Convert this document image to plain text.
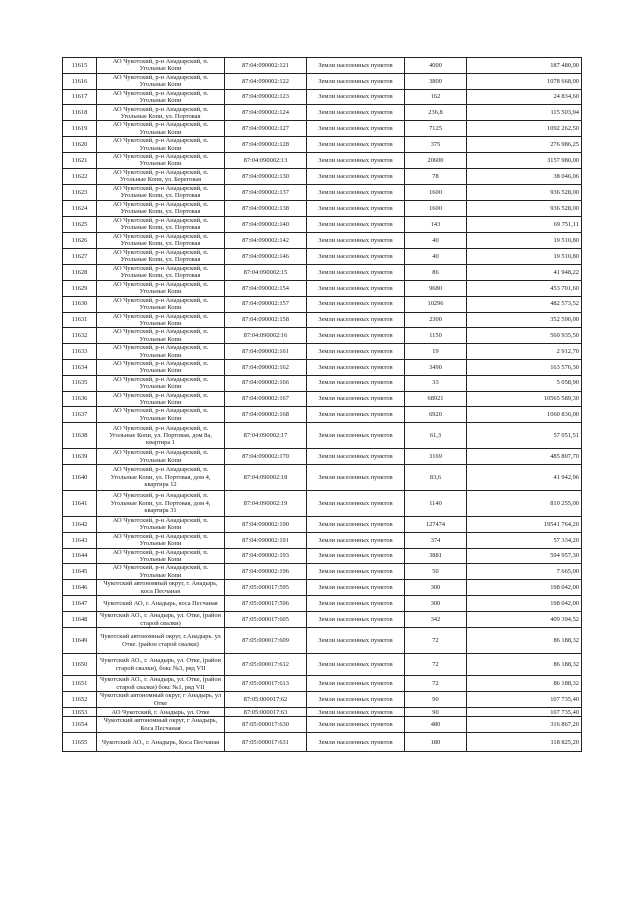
11615	АО Чукотский, р-н Анадырский, п. Угольные Копи	87:04:090002:121	Земли населенных пунктов	4000	187 480,00
11616	АО Чукотский, р-н Анадырский, п. Угольные Копи	87:04:090002:122	Земли населенных пунктов	3800	1078 668,00
11617	АО Чукотский, р-н Анадырский, п. Угольные Копи	87:04:090002:123	Земли населенных пунктов	162	24 834,60
11618	АО Чукотский, р-н Анадырский, п. Угольные Копи, ул. Портовая	87:04:090002:124	Земли населенных пунктов	236,8	115 503,94
11619	АО Чукотский, р-н Анадырский, п. Угольные Копи	87:04:090002:127	Земли населенных пунктов	7125	1092 262,50
11620	АО Чукотский, р-н Анадырский, п. Угольные Копи	87:04:090002:128	Земли населенных пунктов	375	276 986,25
11621	АО Чукотский, р-н Анадырский, п. Угольные Копи	87:04:090002:13	Земли населенных пунктов	20600	3157 980,00
11622	АО Чукотский, р-н Анадырский, п. Угольные Копи, ул. Береговая	87:04:090002:130	Земли населенных пунктов	78	38 046,06
11623	АО Чукотский, р-н Анадырский, п. Угольные Копи, ул. Портовая	87:04:090002:137	Земли населенных пунктов	1600	936 528,00
11624	АО Чукотский, р-н Анадырский, п. Угольные Копи, ул. Портовая	87:04:090002:138	Земли населенных пунктов	1600	936 528,00
11625	АО Чукотский, р-н Анадырский, п. Угольные Копи, ул. Портовая	87:04:090002:140	Земли населенных пунктов	143	69 751,11
11626	АО Чукотский, р-н Анадырский, п. Угольные Копи, ул. Портовая	87:04:090002:142	Земли населенных пунктов	40	19 510,80
11627	АО Чукотский, р-н Анадырский, п. Угольные Копи, ул. Портовая	87:04:090002:146	Земли населенных пунктов	40	19 510,80
11628	АО Чукотский, р-н Анадырский, п. Угольные Копи, ул. Портовая	87:04:090002:15	Земли населенных пунктов	86	41 948,22
11629	АО Чукотский, р-н Анадырский, п. Угольные Копи	87:04:090002:154	Земли населенных пунктов	9680	453 701,60
11630	АО Чукотский, р-н Анадырский, п. Угольные Копи	87:04:090002:157	Земли населенных пунктов	10296	482 573,52
11631	АО Чукотский, р-н Анадырский, п. Угольные Копи	87:04:090002:158	Земли населенных пунктов	2300	352 590,00
11632	АО Чукотский, р-н Анадырский, п. Угольные Копи	87:04:090002:16	Земли населенных пунктов	1150	560 935,50
11633	АО Чукотский, р-н Анадырский, п. Угольные Копи	87:04:090002:161	Земли населенных пунктов	19	2 912,70
11634	АО Чукотский, р-н Анадырский, п. Угольные Копи	87:04:090002:162	Земли населенных пунктов	3490	163 576,30
11635	АО Чукотский, р-н Анадырский, п. Угольные Копи	87:04:090002:166	Земли населенных пунктов	33	5 058,90
11636	АО Чукотский, р-н Анадырский, п. Угольные Копи	87:04:090002:167	Земли населенных пунктов	68921	10565 589,30
11637	АО Чукотский, р-н Анадырский, п. Угольные Копи	87:04:090002:168	Земли населенных пунктов	6920	1060 836,00
11638	АО Чукотский, р-н Анадырский, п. Угольные Копи, ул. Портовая, дом 8а, квартира 1	87:04:090002:17	Земли населенных пунктов	61,3	57 051,51
11639	АО Чукотский, р-н Анадырский, п. Угольные Копи	87:04:090002:170	Земли населенных пунктов	3169	485 807,70
11640	АО Чукотский, р-н Анадырский, п. Угольные Копи, ул. Портовая, дом 4, квартира 12	87:04:090002:18	Земли населенных пунктов	83,6	41 942,96
11641	АО Чукотский, р-н Анадырский, п. Угольные Копи, ул. Портовая, дом 4, квартира 31	87:04:090002:19	Земли населенных пунктов	1140	810 255,00
11642	АО Чукотский, р-н Анадырский, п. Угольные Копи	87:04:090002:190	Земли населенных пунктов	127474	19541 764,20
11643	АО Чукотский, р-н Анадырский, п. Угольные Копи	87:04:090002:191	Земли населенных пунктов	374	57 334,20
11644	АО Чукотский, р-н Анадырский, п. Угольные Копи	87:04:090002:193	Земли населенных пунктов	3881	594 957,30
11645	АО Чукотский, р-н Анадырский, п. Угольные Копи	87:04:090002:196	Земли населенных пунктов	50	7 665,00
11646	Чукотский автономный округ, г. Анадырь, коса Песчаная	87:05:000017:595	Земли населенных пунктов	300	198 042,00
11647	Чукотский АО, г. Анадырь, коса Песчаная	87:05:000017:596	Земли населенных пунктов	300	198 042,00
11648	Чукотский АО., г. Анадырь, ул. Отке, (район старой свалки)	87:05:000017:605	Земли населенных пунктов	342	409 394,52
11649	Чукотский автономный округ, г.Анадырь. ул Отке. (район старой свалки)	87:05:000017:609	Земли населенных пунктов	72	86 188,32
11650	Чукотский АО., г. Анадырь, ул. Отке, (район старой свалки), бокс №3, ряд VII	87:05:000017:612	Земли населенных пунктов	72	86 188,32
11651	Чукотский АО., г. Анадырь, ул. Отке, (район старой свалки) бокс №1, ряд VII	87:05:000017:613	Земли населенных пунктов	72	86 188,32
11652	Чукотский автономный округ, г Анадырь, ул Отке	87:05:000017:62	Земли населенных пунктов	90	107 735,40
11653	АО Чукотский, г. Анадырь, ул. Отке	87:05:000017:63	Земли населенных пунктов	90	107 735,40
11654	Чукотский автономный округ, г Анадырь, Коса Песчаная	87:05:000017:630	Земли населенных пунктов	480	316 867,20
11655	Чукотский АО., г. Анадырь, Коса Песчаная	87:05:000017:631	Земли населенных пунктов	180	118 825,20
